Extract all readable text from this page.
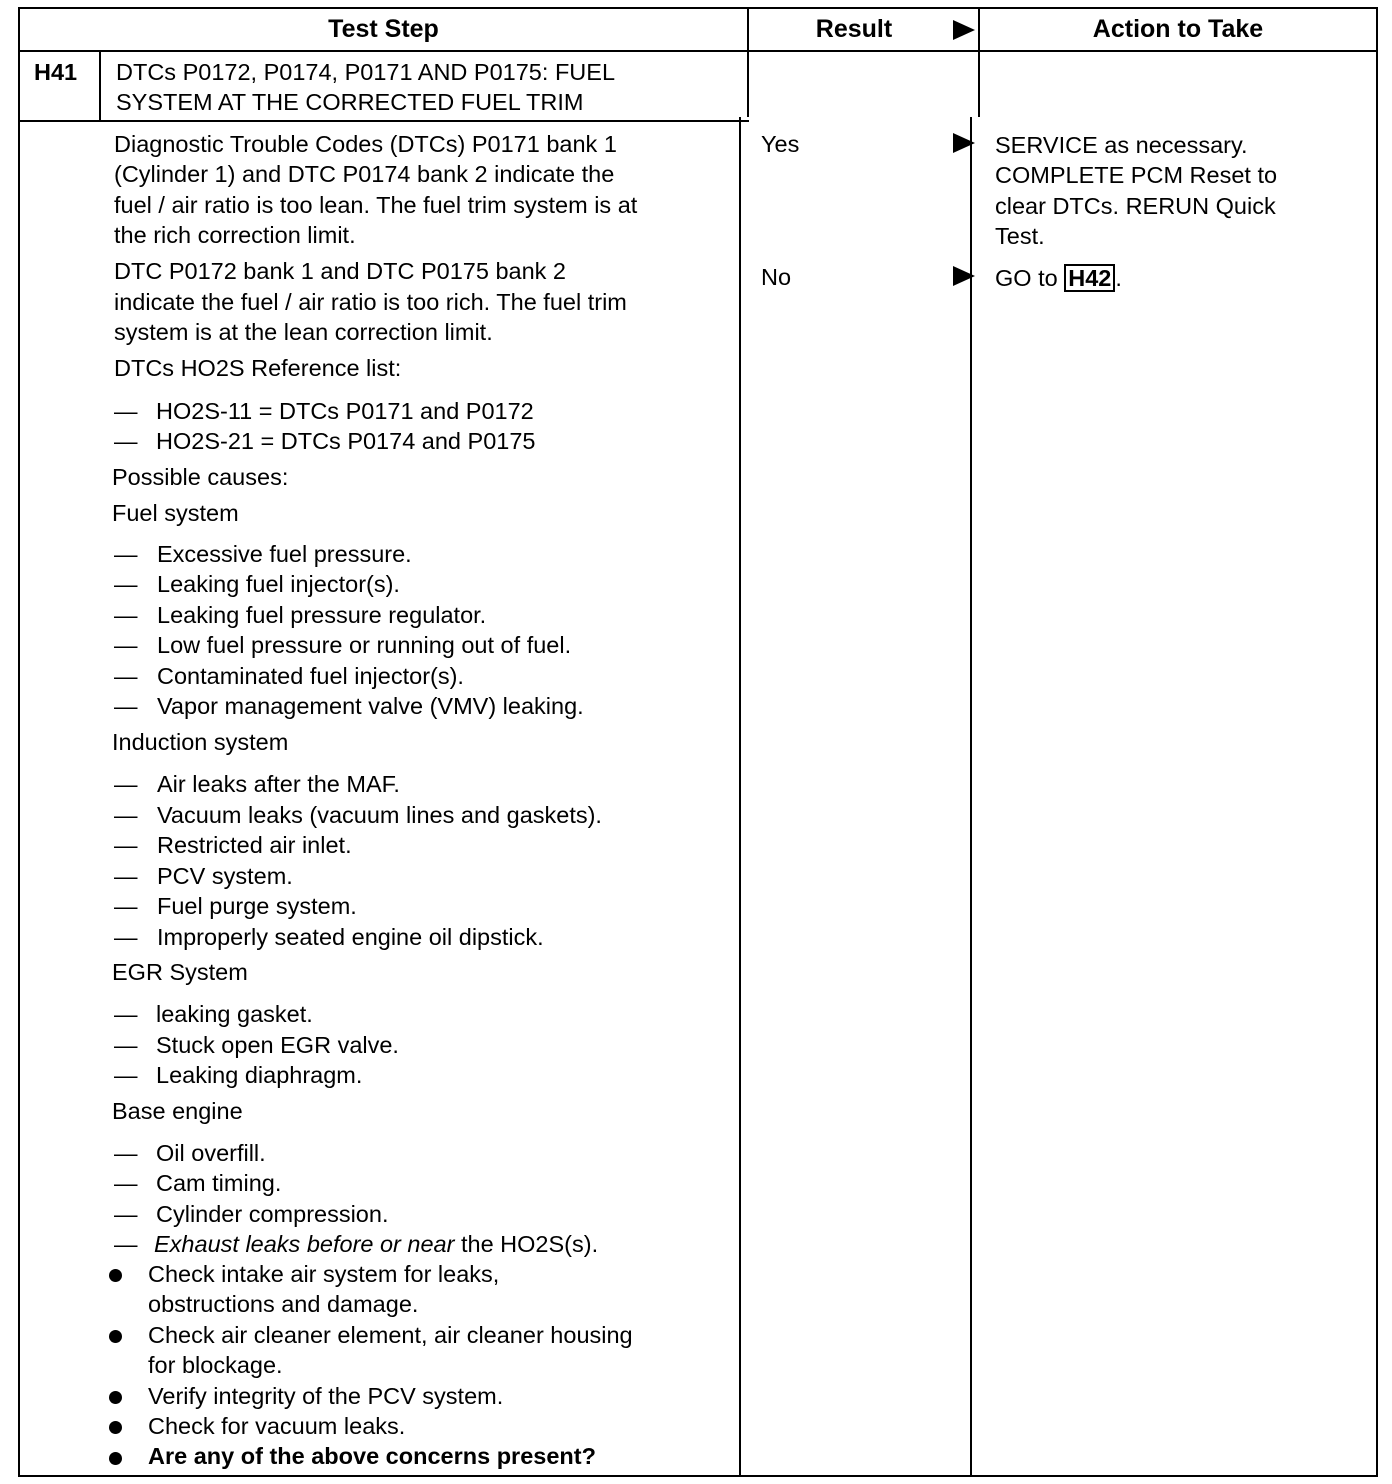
Test Step	Result	Action to Take
H41 DTCs P0172, P0174, P0171 AND P0175: FUEL
SYSTEM AT THE CORRECTED FUEL TRIM
Diagnostic Trouble Codes (DTCs) P0171 bank 1
(Cylinder 1) and DTC P0174 bank 2 indicate the
fuel / air ratio is too lean. The fuel trim system is at
the rich correction limit.
DTC P0172 bank 1 and DTC P0175 bank 2
indicate the fuel / air ratio is too rich. The fuel trim
system is at the lean correction limit.
DTCs HO2S Reference list:
— HO2S-11 = DTCs P0171 and P0172
— HO2S-21 = DTCs P0174 and P0175
Possible causes:
Fuel system
— Excessive fuel pressure.
— Leaking fuel injector(s).
— Leaking fuel pressure regulator.
— Low fuel pressure or running out of fuel.
— Contaminated fuel injector(s).
— Vapor management valve (VMV) leaking.
Induction system
— Air leaks after the MAF.
— Vacuum leaks (vacuum lines and gaskets).
— Restricted air inlet.
— PCV system.
— Fuel purge system.
— Improperly seated engine oil dipstick.
EGR System
— leaking gasket.
— Stuck open EGR valve.
— Leaking diaphragm.
Base engine
— Oil overfill.
— Cam timing.
— Cylinder compression.
— Exhaust leaks before or near the HO2S(s).
Check intake air system for leaks,
obstructions and damage.
Check air cleaner element, air cleaner housing
for blockage.
Verify integrity of the PCV system.
Check for vacuum leaks.
Are any of the above concerns present?
Yes	SERVICE as necessary.
COMPLETE PCM Reset to
clear DTCs. RERUN Quick
Test.
No	GO to H42 .
